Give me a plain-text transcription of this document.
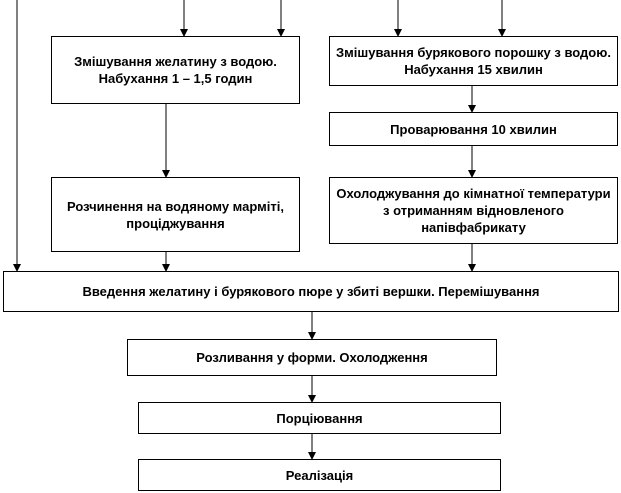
Змішування желатину з водою. Набухання 1 – 1,5 годин
Змішування бурякового порошку з водою. Набухання 15 хвилин
Проварювання 10 хвилин
Розчинення на водяному марміті, проціджування
Охолоджування до кімнатної температури з отриманням відновленого напівфабрикату
Введення желатину і бурякового пюре у збиті вершки. Перемішування
Розливання у форми. Охолодження
Порціювання
Реалізація
